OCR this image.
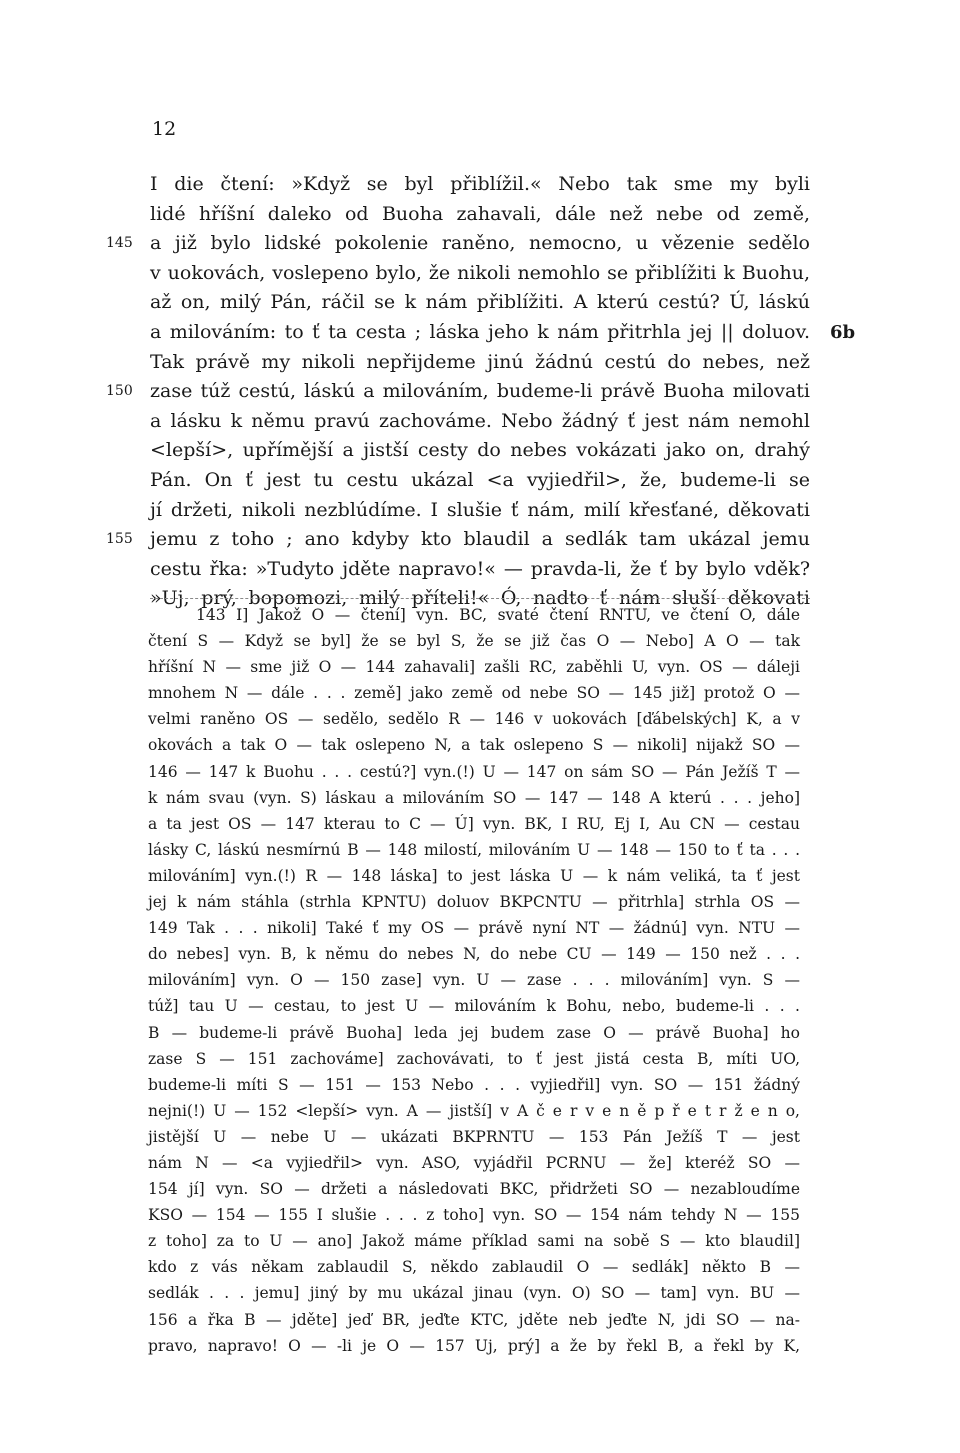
12
I die čtení: »Když se byl přiblížil.« Nebo tak sme my byli
lidé hříšní daleko od Buoha zahavali, dále než nebe od země,
145 a již bylo lidské pokolenie raněno, nemocno, u vězenie sedělo
v uokovách, voslepeno bylo, že nikoli nemohlo se přiblížiti k Buohu,
až on, milý Pán, ráčil se k nám přiblížiti. A kterú cestú? Ú, láskú
a milováním: to ť ta cesta ; láska jeho k nám přitrhla jej || doluov. 6b
Tak právě my nikoli nepřijdeme jinú žádnú cestú do nebes, než
150 zase túž cestú, láskú a milováním, budeme-li právě Buoha milovati
a lásku k němu pravú zachováme. Nebo žádný ť jest nám nemohl
<lepší>, upřímější a jistší cesty do nebes vokázati jako on, drahý
Pán. On ť jest tu cestu ukázal <a vyjiedřil>, že, budeme-li se
jí držeti, nikoli nezblúdíme. I slušie ť nám, milí křesťané, děkovati
155 jemu z toho ; ano kdyby kto blaudil a sedlák tam ukázal jemu
cestu řka: »Tudyto jděte napravo!« — pravda-li, že ť by bylo vděk?
»Uj, prý, bopomozi, milý příteli!« Ó, nadto ť nám sluší děkovati
143 I] Jakož O — čtení] vyn. BC, svaté čtení RNTU, ve čtení O, dále
čtení S — Když se byl] že se byl S, že se již čas O — Nebo] A O — tak
hříšní N — sme již O — 144 zahavali] zašli RC, zaběhli U, vyn. OS — dáleji
mnohem N — dále . . . země] jako země od nebe SO — 145 již] protož O —
velmi raněno OS — sedělo, sedělo R — 146 v uokovách [ďábelských] K, a v
okovách a tak O — tak oslepeno N, a tak oslepeno S — nikoli] nijakž SO —
146 — 147 k Buohu . . . cestú?] vyn.(!) U — 147 on sám SO — Pán Ježíš T —
k nám svau (vyn. S) láskau a milováním SO — 147 — 148 A kterú . . . jeho]
a ta jest OS — 147 kterau to C — Ú] vyn. BK, I RU, Ej I, Au CN — cestau
lásky C, láskú nesmírnú B — 148 milostí, milováním U — 148 — 150 to ť ta . . .
milováním] vyn.(!) R — 148 láska] to jest láska U — k nám veliká, ta ť jest
jej k nám stáhla (strhla KPNTU) doluov BKPCNTU — přitrhla] strhla OS —
149 Tak . . . nikoli] Také ť my OS — právě nyní NT — žádnú] vyn. NTU —
do nebes] vyn. B, k němu do nebes N, do nebe CU — 149 — 150 než . . .
milováním] vyn. O — 150 zase] vyn. U — zase . . . milováním] vyn. S —
túž] tau U — cestau, to jest U — milováním k Bohu, nebo, budeme-li . . .
B — budeme-li právě Buoha] leda jej budem zase O — právě Buoha] ho
zase S — 151 zachováme] zachovávati, to ť jest jistá cesta B, míti UO,
budeme-li míti S — 151 — 153 Nebo . . . vyjiedřil] vyn. SO — 151 žádný
nejni(!) U — 152 <lepší> vyn. A — jistší] v A č e r v e n ě p ř e t r ž e n o,
jistější U — nebe U — ukázati BKPRNTU — 153 Pán Ježíš T — jest
nám N — <a vyjiedřil> vyn. ASO, vyjádřil PCRNU — že] kteréž SO —
154 jí] vyn. SO — držeti a následovati BKC, přidržeti SO — nezabloudíme
KSO — 154 — 155 I slušie . . . z toho] vyn. SO — 154 nám tehdy N — 155
z toho] za to U — ano] Jakož máme příklad sami na sobě S — kto blaudil]
kdo z vás někam zablaudil S, někdo zablaudil O — sedlák] někto B —
sedlák . . . jemu] jiný by mu ukázal jinau (vyn. O) SO — tam] vyn. BU —
156 a řka B — jděte] jeď BR, jeďte KTC, jděte neb jeďte N, jdi SO — na-
pravo, napravo! O — -li je O — 157 Uj, prý] a že by řekl B, a řekl by K,
